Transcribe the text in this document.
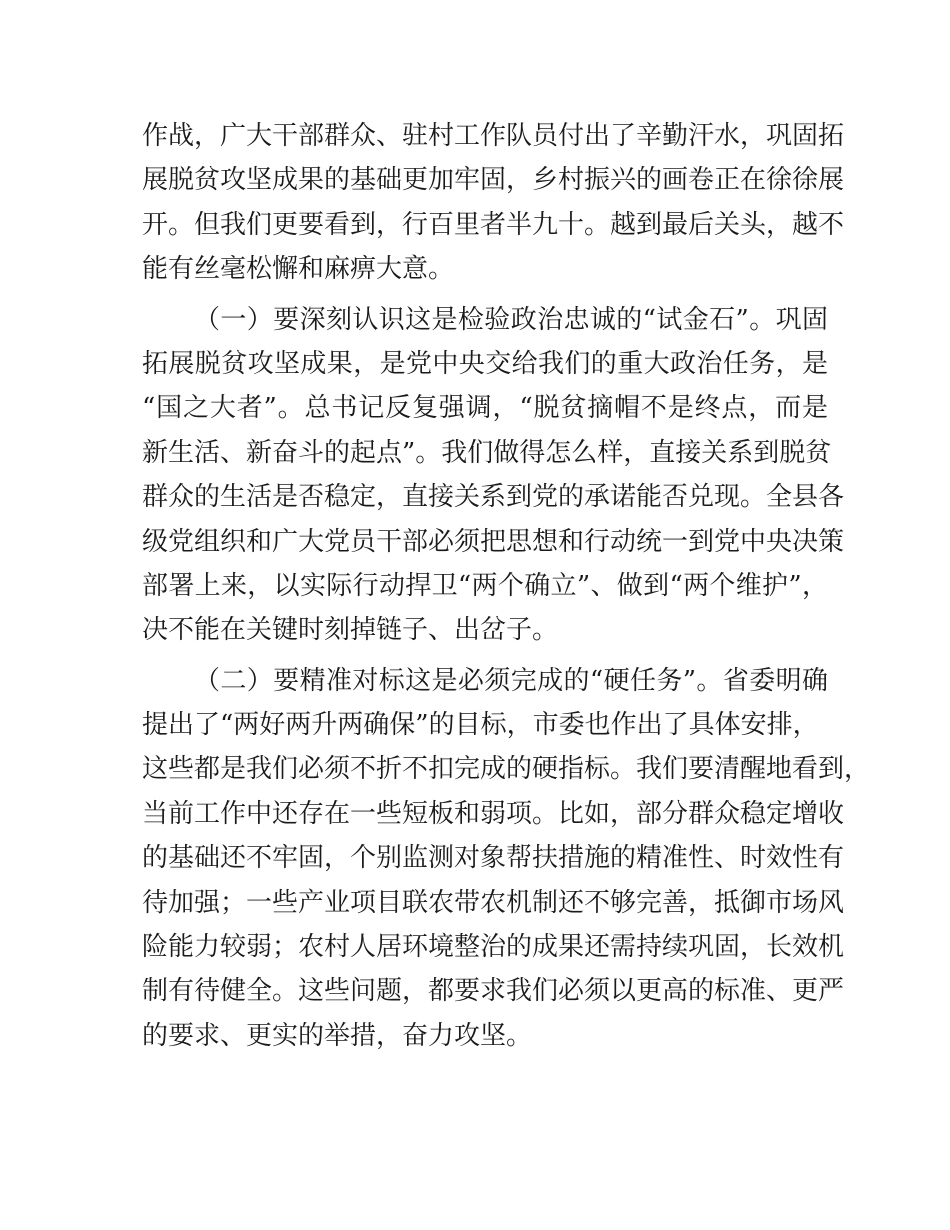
作战，广大干部群众、驻村工作队员付出了辛勤汗水，巩固拓
展脱贫攻坚成果的基础更加牢固，乡村振兴的画卷正在徐徐展
开。但我们更要看到，行百里者半九十。越到最后关头，越不
能有丝毫松懈和麻痹大意。
（一）要深刻认识这是检验政治忠诚的“试金石”。巩固
拓展脱贫攻坚成果，是党中央交给我们的重大政治任务，是
“国之大者”。总书记反复强调，“脱贫摘帽不是终点，而是
新生活、新奋斗的起点”。我们做得怎么样，直接关系到脱贫
群众的生活是否稳定，直接关系到党的承诺能否兑现。全县各
级党组织和广大党员干部必须把思想和行动统一到党中央决策
部署上来，以实际行动捍卫“两个确立”、做到“两个维护”，
决不能在关键时刻掉链子、出岔子。
（二）要精准对标这是必须完成的“硬任务”。省委明确
提出了“两好两升两确保”的目标，市委也作出了具体安排，
这些都是我们必须不折不扣完成的硬指标。我们要清醒地看到，
当前工作中还存在一些短板和弱项。比如，部分群众稳定增收
的基础还不牢固，个别监测对象帮扶措施的精准性、时效性有
待加强；一些产业项目联农带农机制还不够完善，抵御市场风
险能力较弱；农村人居环境整治的成果还需持续巩固，长效机
制有待健全。这些问题，都要求我们必须以更高的标准、更严
的要求、更实的举措，奋力攻坚。
